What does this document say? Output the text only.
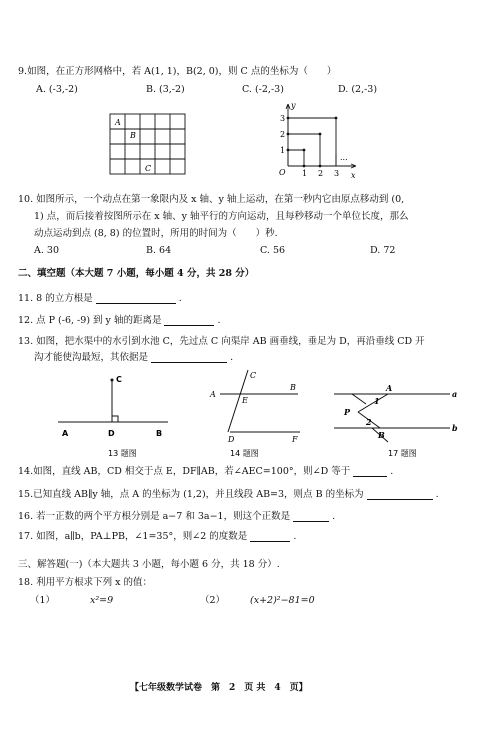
9.如图，在正方形网格中，若 A(1, 1)，B(2, 0)，则 C 点的坐标为（　　）
A. (-3,-2)	B. (3,-2)	C. (-2,-3)	D. (2,-3)
A
B
C
y
x
O
1
2
3
1 2 3
...
10. 如图所示，一个动点在第一象限内及 x 轴、y 轴上运动，在第一秒内它由原点移动到 (0,
1) 点，而后接着按图所示在 x 轴、y 轴平行的方向运动，且每秒移动一个单位长度，那么
动点运动到点 (8, 8) 的位置时，所用的时间为（　　）秒.
A. 30	B. 64	C. 56	D. 72
二、填空题（本大题 7 小题，每小题 4 分，共 28 分）
11. 8 的立方根是	.
12. 点 P (-6, -9) 到 y 轴的距离是	.
13. 如图，把水渠中的水引到水池 C，先过点 C 向渠岸 AB 画垂线，垂足为 D，再沿垂线 CD 开
沟才能使沟最短，其依据是	.
C
A	D	B
13 题图
C
A
E
B
D	F
14 题图
A
a
1
P
2
B
b
17 题图
14.如图，直线 AB，CD 相交于点 E，DF∥AB，若∠AEC=100°，则∠D 等于	.
15.已知直线 AB∥y 轴，点 A 的坐标为 (1,2)，并且线段 AB=3，则点 B 的坐标为	.
16. 若一正数的两个平方根分别是 a−7 和 3a−1，则这个正数是	.
17. 如图，a∥b，PA⊥PB，∠1=35°，则∠2 的度数是	.
三、解答题(一)（本大题共 3 小题，每小题 6 分，共 18 分）.
18. 利用平方根求下列 x 的值：
（1）	x²=9	（2）	(x+2)²−81=0
【七年级数学试卷　第　2　页 共　4　页】
